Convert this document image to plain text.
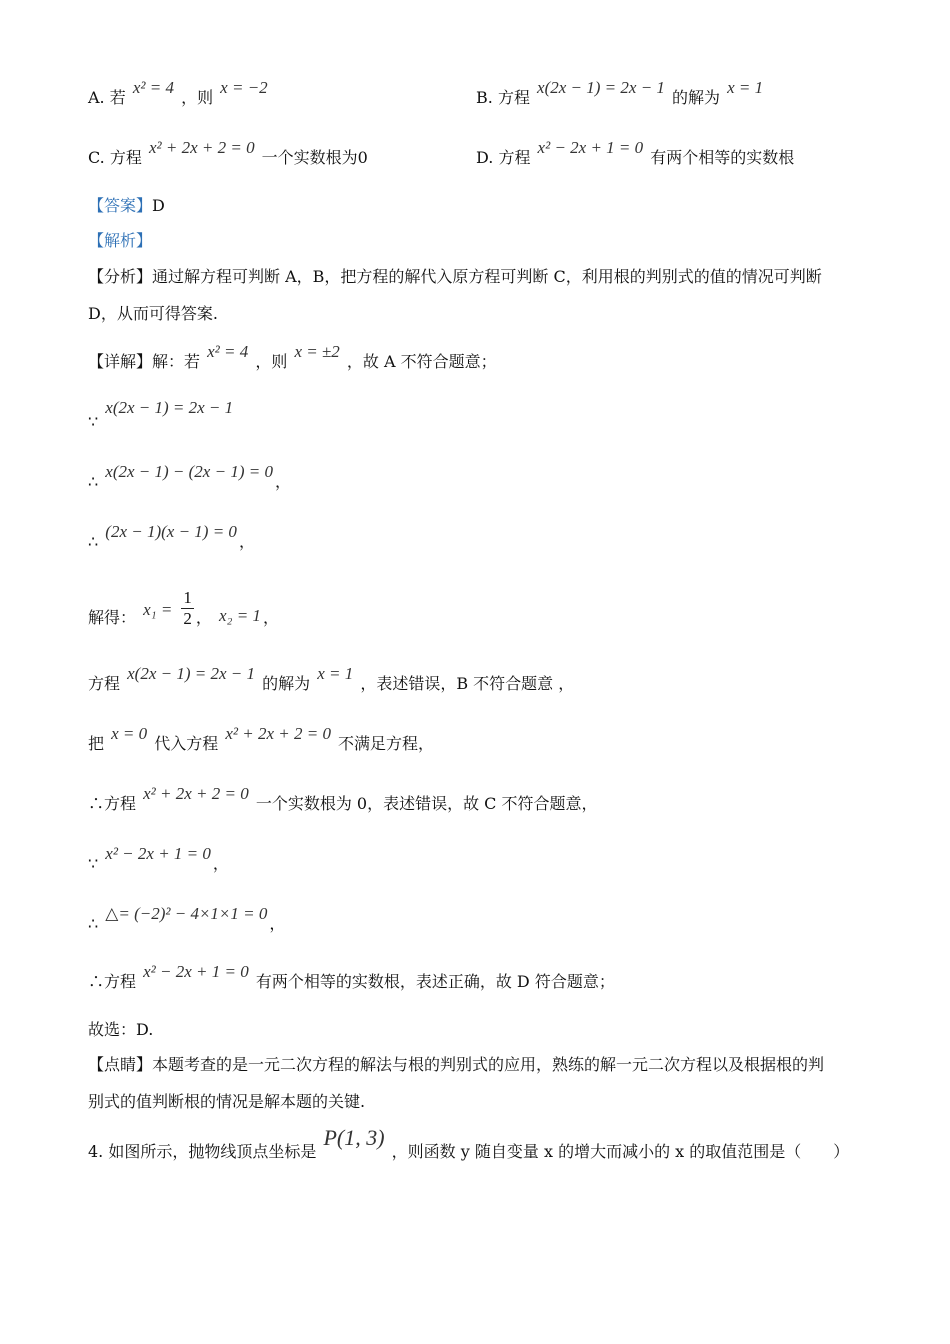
A. 若 x² = 4 ，则 x = −2
B. 方程 x(2x − 1) = 2x − 1 的解为 x = 1
C. 方程 x² + 2x + 2 = 0 一个实数根为0	D. 方程 x² − 2x + 1 = 0 有两个相等的实数根
【答案】D
【解析】
【分析】通过解方程可判断 A，B，把方程的解代入原方程可判断 C，利用根的判别式的值的情况可判断
D，从而可得答案.
【详解】解：若 x² = 4 ，则 x = ±2 ，故 A 不符合题意；
∵ x(2x − 1) = 2x − 1
∴ x(2x − 1) − (2x − 1) = 0，
∴ (2x − 1)(x − 1) = 0，
解得： $x_1 = \frac{1}{2}$ ， x₂ = 1 ，
方程 x(2x − 1) = 2x − 1 的解为 x = 1 ，表述错误，B 不符合题意 ，
把 x = 0 代入方程 x² + 2x + 2 = 0 不满足方程，
∴方程 x² + 2x + 2 = 0 一个实数根为 0，表述错误，故 C 不符合题意，
∵ x² − 2x + 1 = 0，
∴ △= (−2)² − 4×1×1 = 0，
∴方程 x² − 2x + 1 = 0 有两个相等的实数根，表述正确，故 D 符合题意；
故选：D.
【点睛】本题考查的是一元二次方程的解法与根的判别式的应用，熟练的解一元二次方程以及根据根的判
别式的值判断根的情况是解本题的关键.
4. 如图所示，抛物线顶点坐标是 P(1, 3) ，则函数 y 随自变量 x 的增大而减小的 x 的取值范围是（　　）
